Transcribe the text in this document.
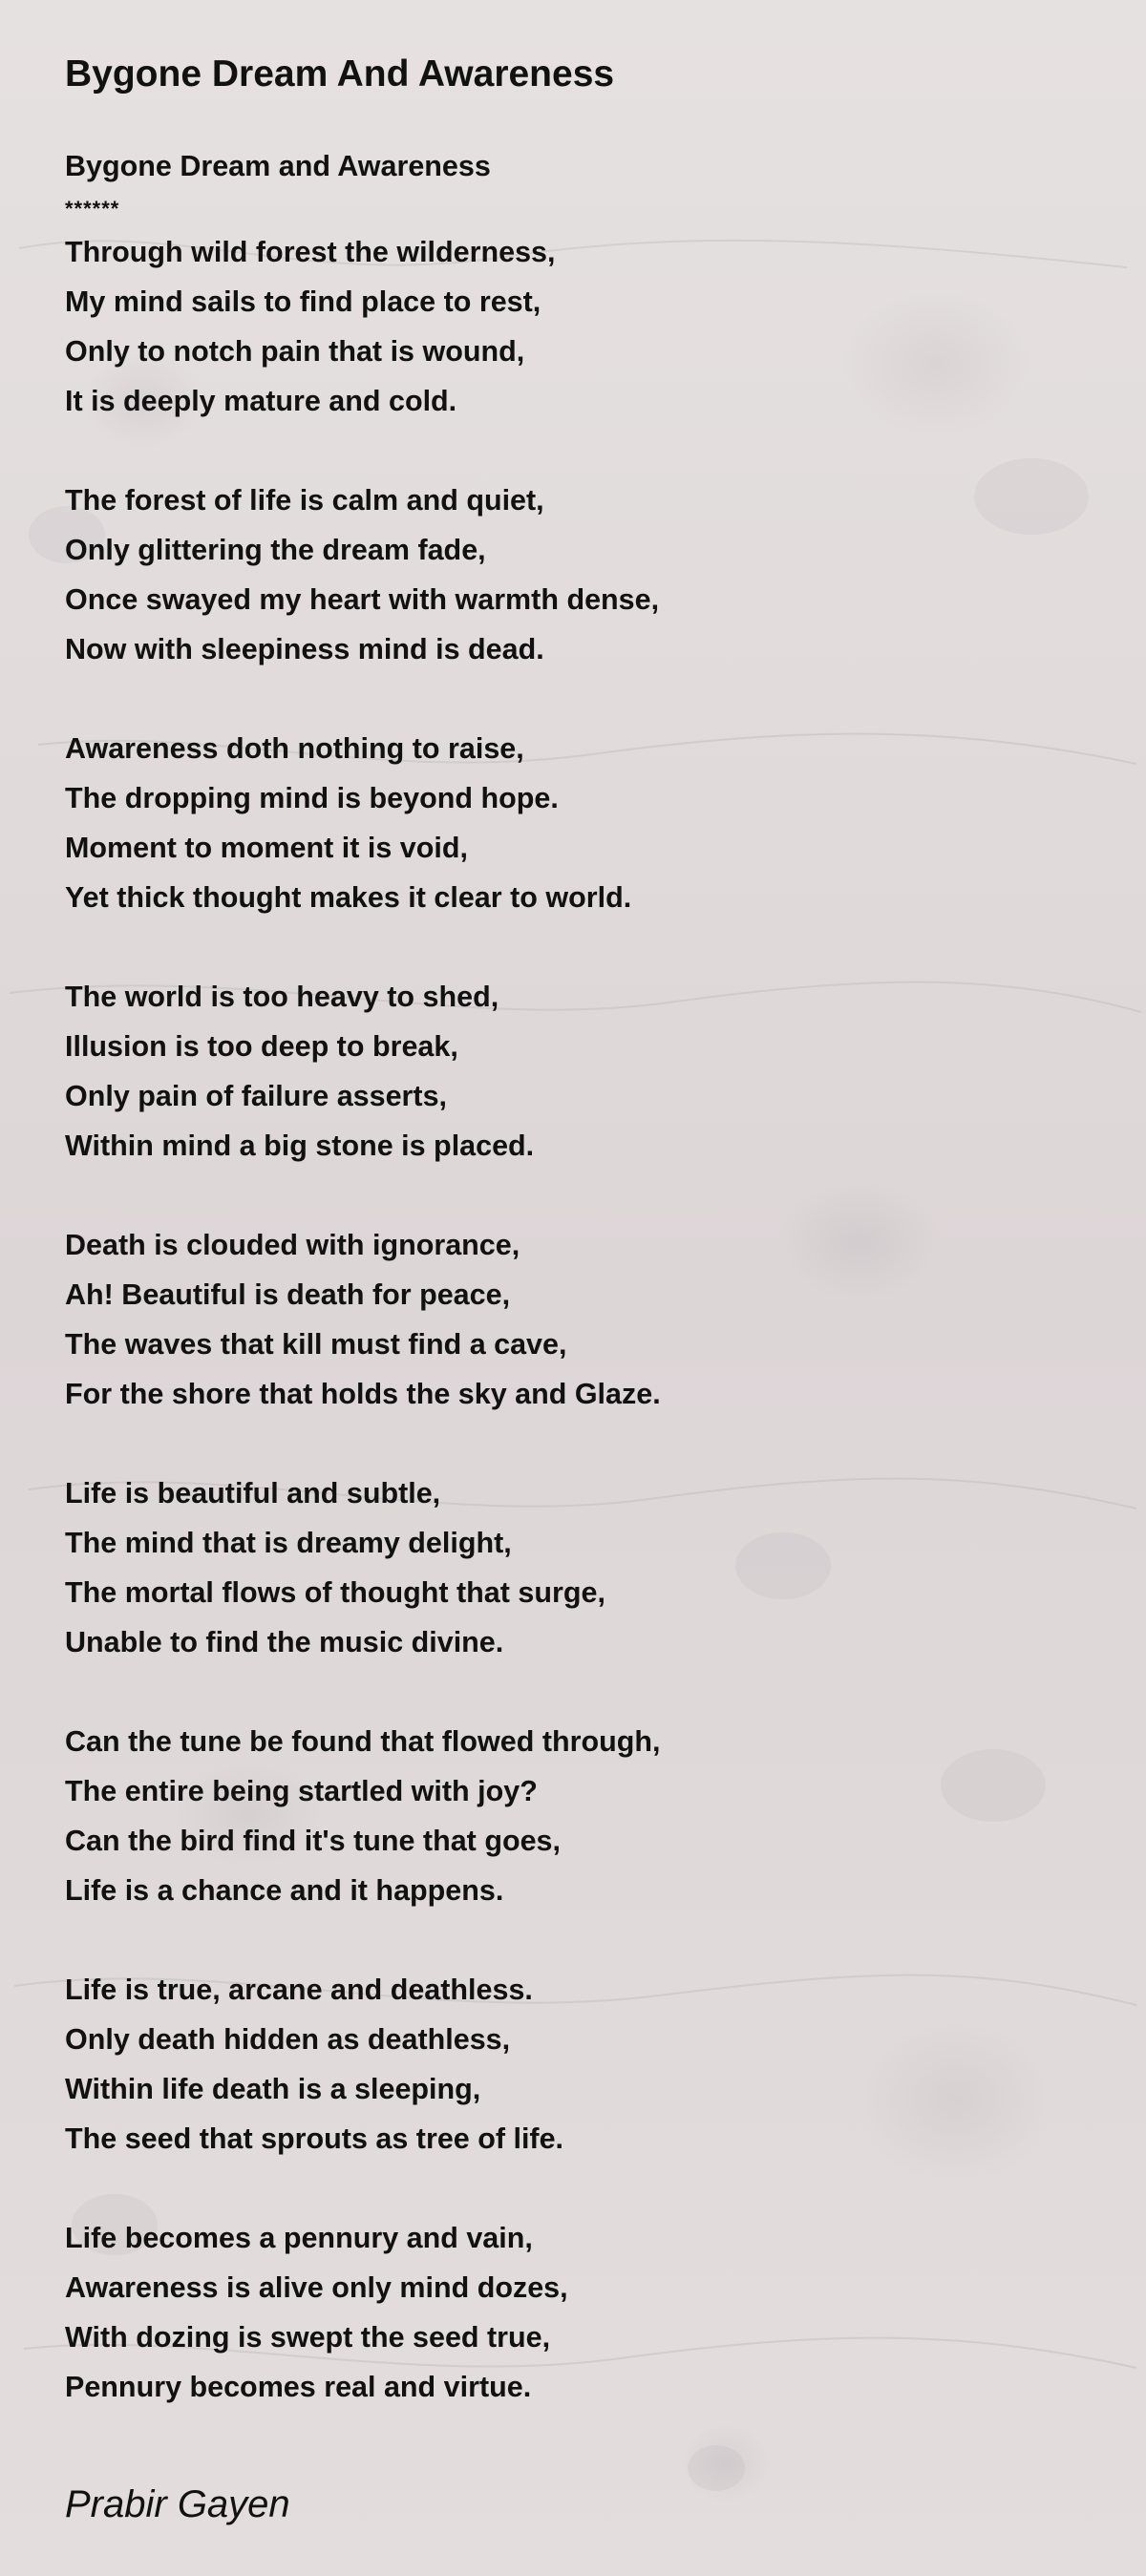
Bygone Dream And Awareness
Bygone Dream and Awareness
******
Through wild forest the wilderness,
My mind sails to find place to rest,
Only to notch pain that is wound,
It is deeply mature and cold.
The forest of life is calm and quiet,
Only glittering the dream fade,
Once swayed my heart with warmth dense,
Now with sleepiness mind is dead.
Awareness doth nothing to raise,
The dropping mind is beyond hope.
Moment to moment it is void,
Yet thick thought makes it clear to world.
The world is too heavy to shed,
Illusion is too deep to break,
Only pain of failure asserts,
Within mind a big stone is placed.
Death is clouded with ignorance,
Ah! Beautiful is death for peace,
The waves that kill must find a cave,
For the shore that holds the sky and Glaze.
Life is beautiful and subtle,
The mind that is dreamy delight,
The mortal flows of thought that surge,
Unable to find the music divine.
Can the tune be found that flowed through,
The entire being startled with joy?
Can the bird find it's tune that goes,
Life is a chance and it happens.
Life is true, arcane and deathless.
Only death hidden as deathless,
Within life death is a sleeping,
The seed that sprouts as tree of life.
Life becomes a pennury and vain,
Awareness is alive only mind dozes,
With dozing is swept the seed true,
Pennury becomes real and virtue.
Prabir Gayen
